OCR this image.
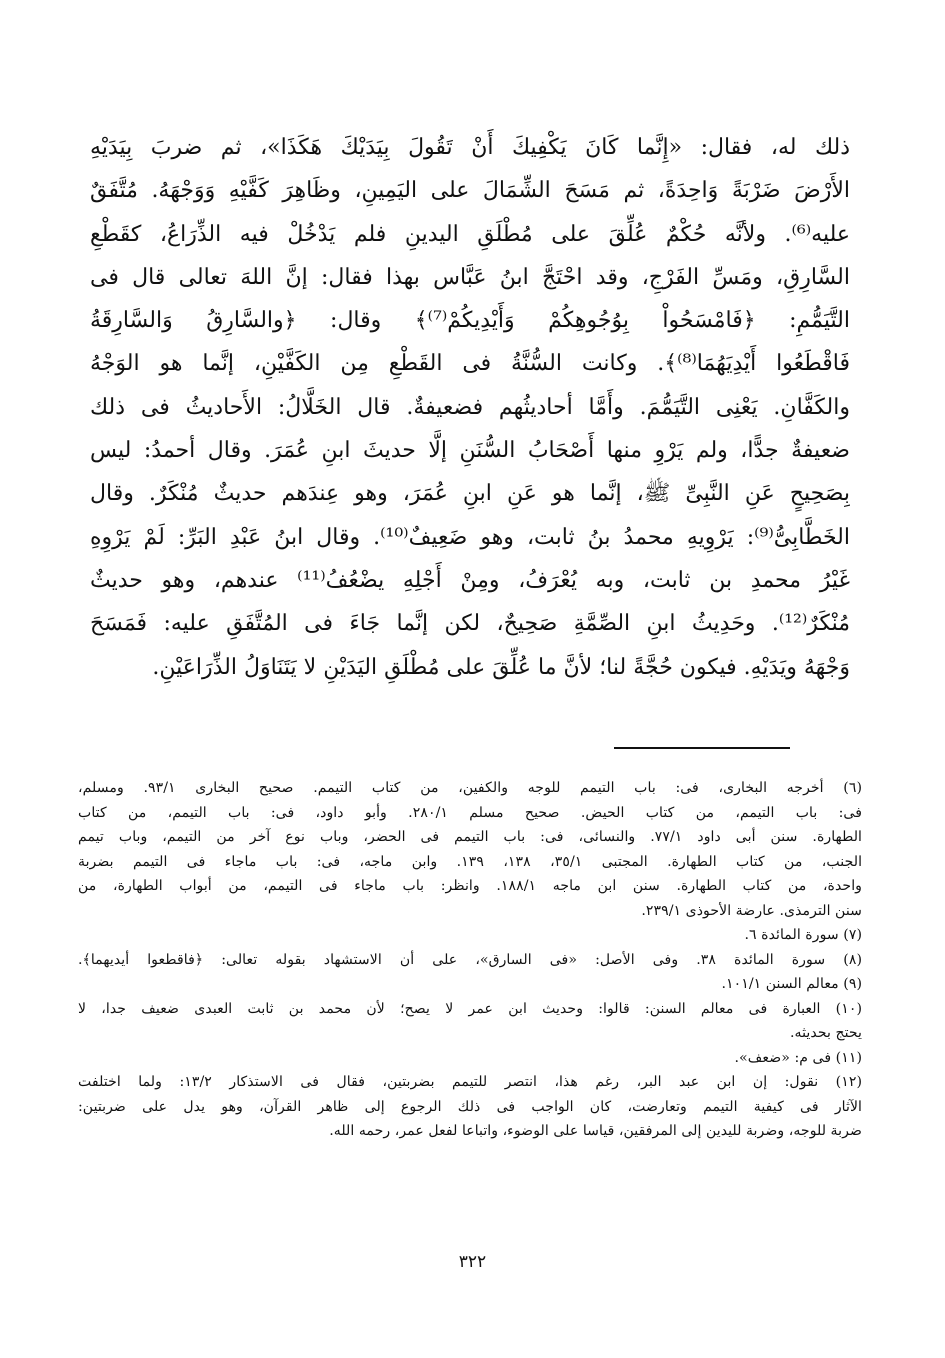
ذلك له، فقال: «إِنَّما كَانَ يَكْفِيكَ أَنْ تَقُولَ بِيَدَيْكَ هَكَذَا»، ثم ضربَ بِيَدَيْهِ
الأَرْضَ ضَرْبَةً وَاحِدَةً، ثم مَسَحَ الشِّمَالَ على اليَمِينِ، وظَاهِرَ كَفَّيْهِ وَوَجْهَهُ. مُتَّفَقٌ
عليه⁽⁶⁾. ولأنَّه حُكْمٌ عُلِّقَ على مُطْلَقِ اليدينِ فلم يَدْخُلْ فيه الذِّرَاعُ، كقَطْعِ
السَّارِقِ، ومَسِّ الفَرْجِ، وقد احْتَجَّ ابنُ عَبَّاس بهذا فقال: إنَّ اللهَ تعالى قال فى
التَّيَمُّمِ: ﴿فَامْسَحُواْ بِوُجُوهِكُمْ وَأَيْدِيكُمْ⁽⁷⁾﴾ وقال: ﴿والسَّارِقُ وَالسَّارِقَةُ
فَاقْطَعُوا أَيْدِيَهُمَا⁽⁸⁾﴾. وكانت السُّنَّةُ فى القَطْعِ مِن الكَفَّيْنِ، إنَّما هو الوَجْهُ
والكَفَّانِ. يَعْنِى التَّيَمُّمَ. وأَمَّا أحاديثُهم فضعيفةٌ. قال الخَلَّالُ: الأَحاديثُ فى ذلك
ضعيفةٌ جدًّا، ولم يَرْوِ منها أَصْحَابُ السُّنَنِ إلَّا حديثَ ابنِ عُمَرَ. وقال أحمدُ: ليس
بِصَحِيحٍ عَنِ النَّبِىِّ ﷺ، إنَّما هو عَنِ ابنِ عُمَرَ، وهو عِندَهم حديثٌ مُنْكَرٌ. وقال
الخَطَّابِىُّ⁽⁹⁾: يَرْوِيهِ محمدُ بنُ ثابت، وهو ضَعِيفٌ⁽¹⁰⁾. وقال ابنُ عَبْدِ البَرِّ: لَمْ يَرْوِهِ
غَيْرُ محمدِ بن ثابت، وبه يُعْرَفُ، ومِنْ أَجْلِهِ يضْعُفُ⁽¹¹⁾ عندهم، وهو حديثٌ
مُنْكَرٌ⁽¹²⁾. وحَدِيثُ ابنِ الصِّمَّةِ صَحِيحٌ، لكن إنَّما جَاءَ فى المُتَّفَقِ عليه: فَمَسَحَ
وَجْهَهُ ويَدَيْهِ. فيكون حُجَّةً لنا؛ لأنَّ ما عُلِّقَ على مُطْلَقِ اليَدَيْنِ لا يَتَنَاوَلُ الذِّرَاعَيْنِ.
(٦) أخرجه البخارى، فى: باب التيمم للوجه والكفين، من كتاب التيمم. صحيح البخارى ٩٣/١. ومسلم،
فى: باب التيمم، من كتاب الحيض. صحيح مسلم ٢٨٠/١. وأبو داود، فى: باب التيمم، من كتاب
الطهارة. سنن أبى داود ٧٧/١. والنسائى، فى: باب التيمم فى الحضر، وباب نوع آخر من التيمم، وباب تيمم
الجنب، من كتاب الطهارة. المجتبى ٣٥/١، ١٣٨، ١٣٩. وابن ماجه، فى: باب ماجاء فى التيمم بضربة
واحدة، من كتاب الطهارة. سنن ابن ماجه ١٨٨/١. وانظر: باب ماجاء فى التيمم، من أبواب الطهارة، من
سنن الترمذى. عارضة الأحوذى ٢٣٩/١.
(٧) سورة المائدة ٦.
(٨) سورة المائدة ٣٨. وفى الأصل: «فى السارق»، على أن الاستشهاد بقوله تعالى: ﴿فاقطعوا أيديهما﴾.
(٩) معالم السنن ١٠١/١.
(١٠) العبارة فى معالم السنن: قالوا: وحديث ابن عمر لا يصح؛ لأن محمد بن ثابت العبدى ضعيف جدا، لا
يحتج بحديثه.
(١١) فى م: «ضعف».
(١٢) نقول: إن ابن عبد البر، رغم هذا، انتصر للتيمم بضربتين، فقال فى الاستذكار ١٣/٢: ولما اختلفت
الآثار فى كيفية التيمم وتعارضت، كان الواجب فى ذلك الرجوع إلى ظاهر القرآن، وهو يدل على ضربتين:
ضربة للوجه، وضربة لليدين إلى المرفقين، قياسا على الوضوء، واتباعا لفعل عمر، رحمه الله.
٣٢٢
